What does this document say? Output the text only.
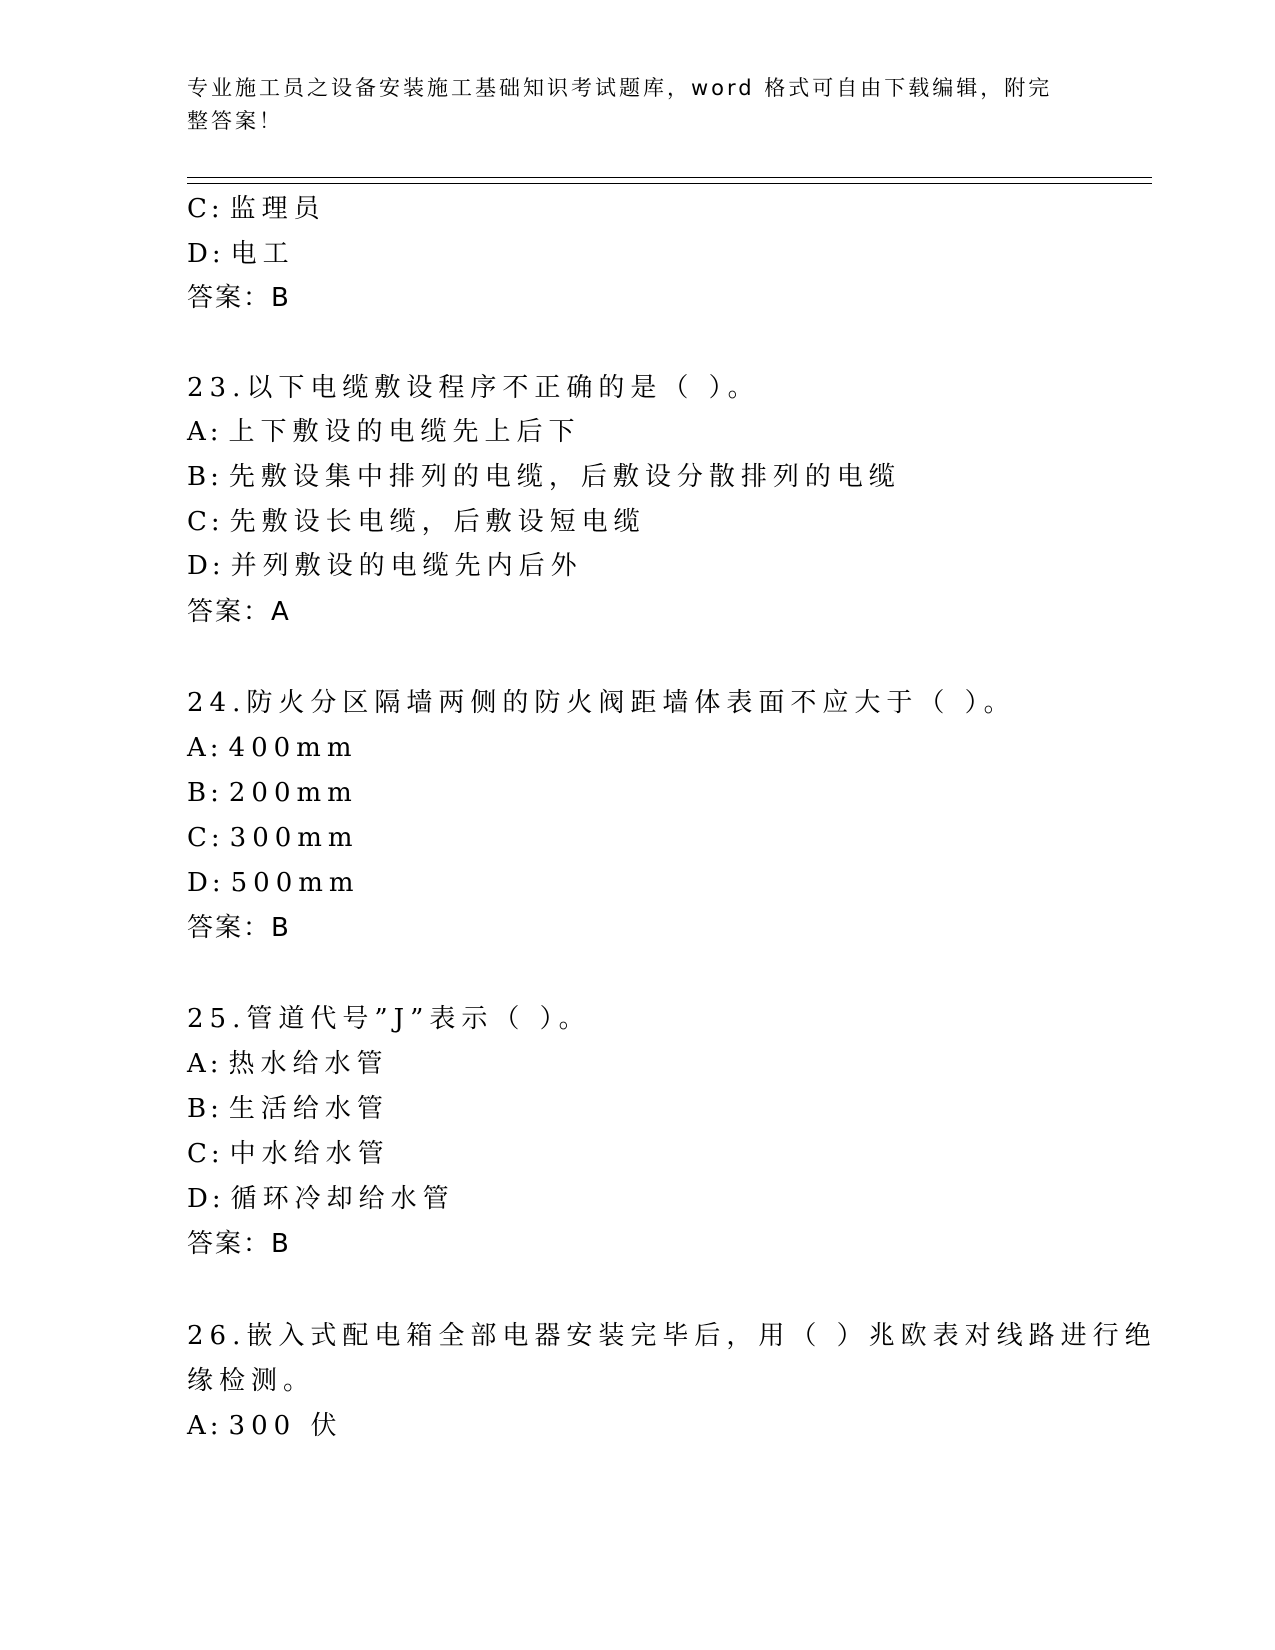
专业施工员之设备安装施工基础知识考试题库，word 格式可自由下载编辑，附完
整答案！
C: 监理员
D: 电工
答案：B
23.以下电缆敷设程序不正确的是（ ）。
A: 上下敷设的电缆先上后下
B: 先敷设集中排列的电缆，后敷设分散排列的电缆
C: 先敷设长电缆，后敷设短电缆
D: 并列敷设的电缆先内后外
答案：A
24.防火分区隔墙两侧的防火阀距墙体表面不应大于（ ）。
A: 400mm
B: 200mm
C: 300mm
D: 500mm
答案：B
25.管道代号”J”表示（ ）。
A: 热水给水管
B: 生活给水管
C: 中水给水管
D: 循环冷却给水管
答案：B
26.嵌入式配电箱全部电器安装完毕后，用（ ）兆欧表对线路进行绝
缘检测。
A: 300 伏
